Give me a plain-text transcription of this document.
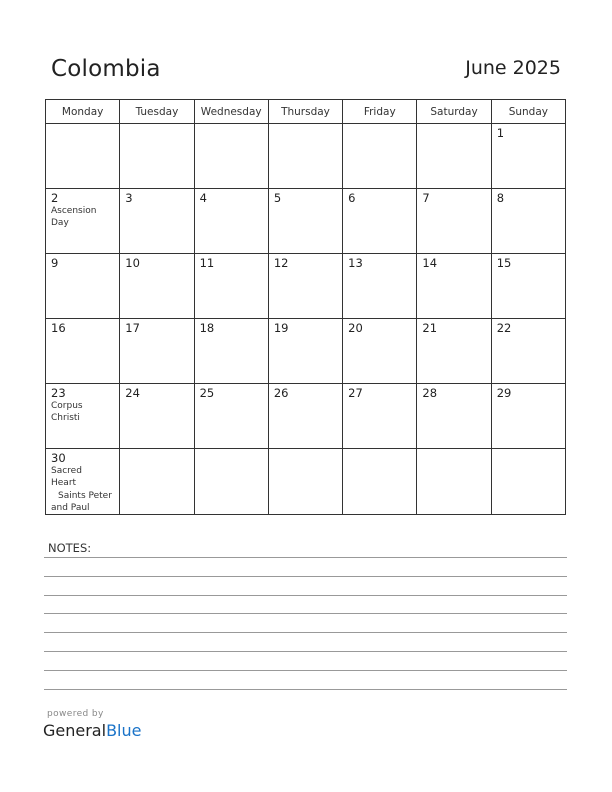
Colombia	June 2025
Monday	Tuesday	Wednesday	Thursday	Friday	Saturday	Sunday

						1

2
Ascension
Day	3	4	5	6	7	8

9	10	11	12	13	14	15

16	17	18	19	20	21	22

23
Corpus
Christi	24	25	26	27	28	29

30
Sacred
Heart
Saints Peter
and Paul						

NOTES:
powered by
GeneralBlue
